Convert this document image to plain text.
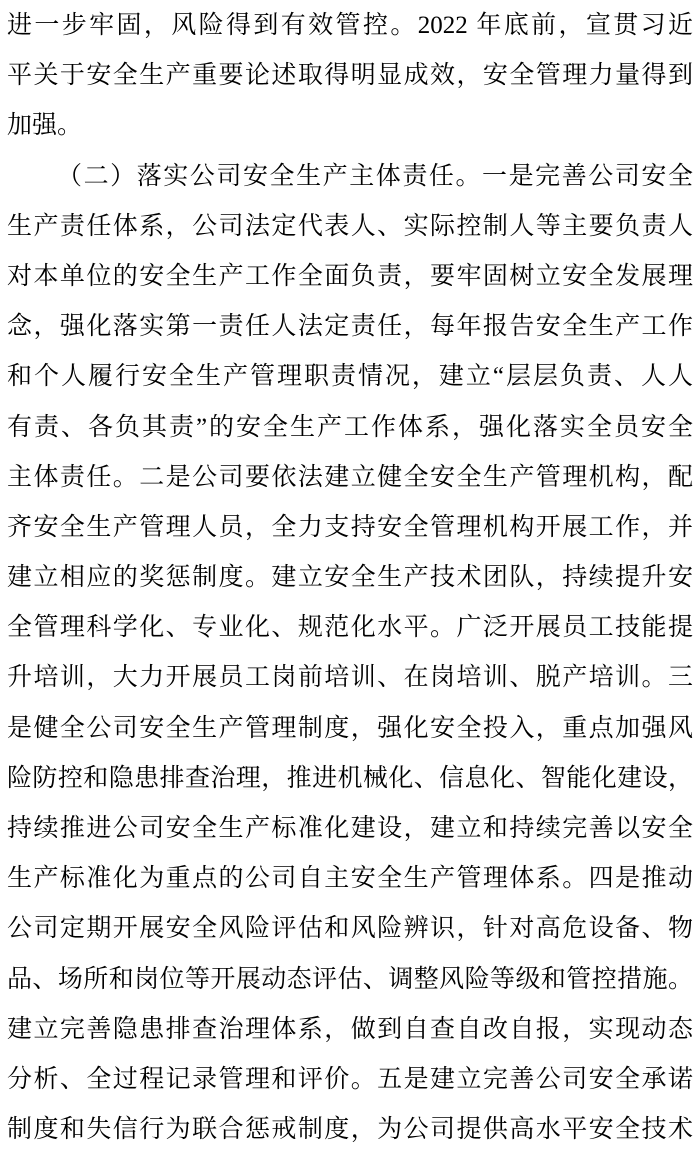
进一步牢固，风险得到有效管控。2022 年底前，宣贯习近
平关于安全生产重要论述取得明显成效，安全管理力量得到
加强。
（二）落实公司安全生产主体责任。一是完善公司安全
生产责任体系，公司法定代表人、实际控制人等主要负责人
对本单位的安全生产工作全面负责，要牢固树立安全发展理
念，强化落实第一责任人法定责任，每年报告安全生产工作
和个人履行安全生产管理职责情况，建立“层层负责、人人
有责、各负其责”的安全生产工作体系，强化落实全员安全
主体责任。二是公司要依法建立健全安全生产管理机构，配
齐安全生产管理人员，全力支持安全管理机构开展工作，并
建立相应的奖惩制度。建立安全生产技术团队，持续提升安
全管理科学化、专业化、规范化水平。广泛开展员工技能提
升培训，大力开展员工岗前培训、在岗培训、脱产培训。三
是健全公司安全生产管理制度，强化安全投入，重点加强风
险防控和隐患排查治理，推进机械化、信息化、智能化建设，
持续推进公司安全生产标准化建设，建立和持续完善以安全
生产标准化为重点的公司自主安全生产管理体系。四是推动
公司定期开展安全风险评估和风险辨识，针对高危设备、物
品、场所和岗位等开展动态评估、调整风险等级和管控措施。
建立完善隐患排查治理体系，做到自查自改自报，实现动态
分析、全过程记录管理和评价。五是建立完善公司安全承诺
制度和失信行为联合惩戒制度，为公司提供高水平安全技术
